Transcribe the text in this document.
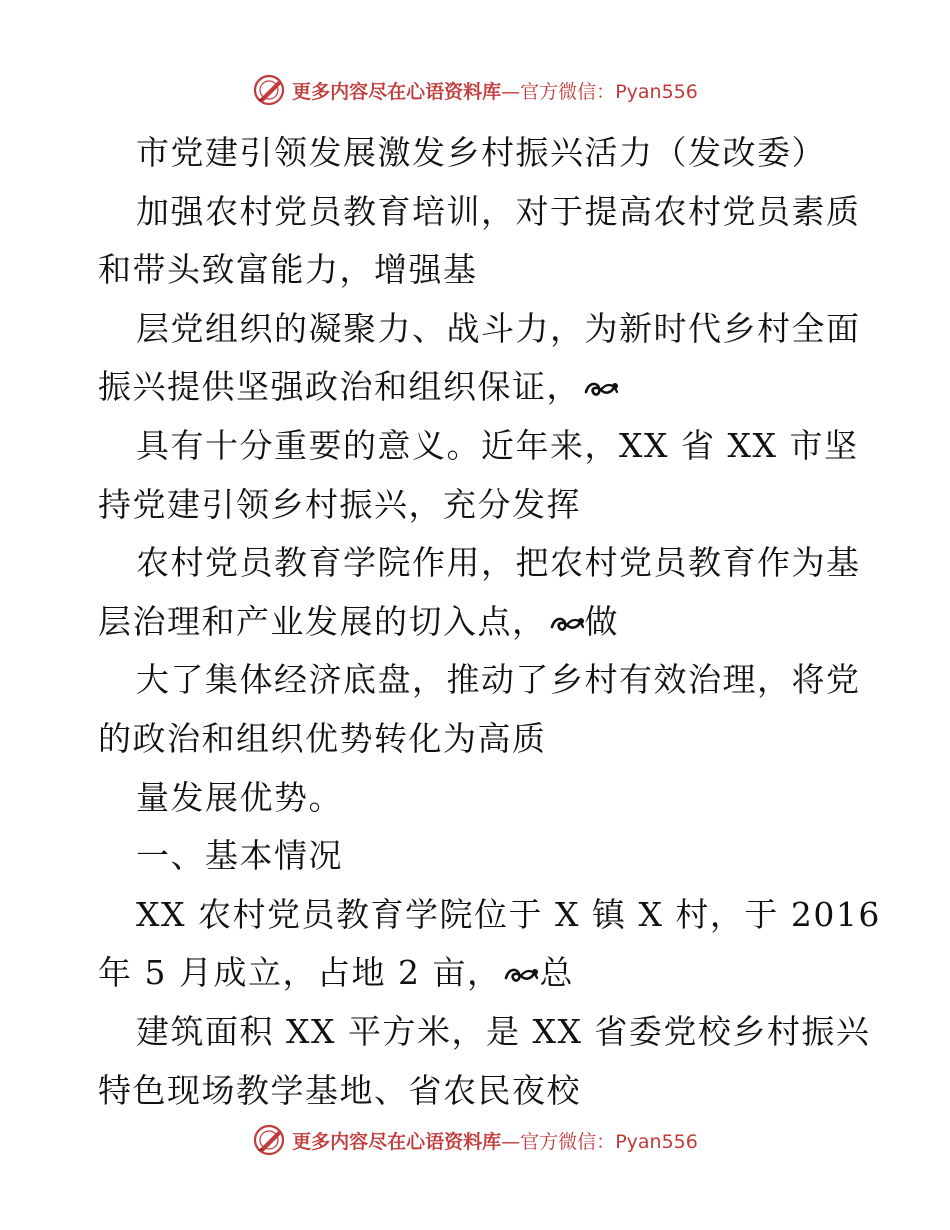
更多内容尽在心语资料库—官方微信：Pyan556
市党建引领发展激发乡村振兴活力（发改委）
加强农村党员教育培训，对于提高农村党员素质
和带头致富能力，增强基
层党组织的凝聚力、战斗力，为新时代乡村全面
振兴提供坚强政治和组织保证，
具有十分重要的意义。近年来，XX 省 XX 市坚
持党建引领乡村振兴，充分发挥
农村党员教育学院作用，把农村党员教育作为基
层治理和产业发展的切入点， 做
大了集体经济底盘，推动了乡村有效治理，将党
的政治和组织优势转化为高质
量发展优势。
一、基本情况
XX 农村党员教育学院位于 X 镇 X 村，于 2016
年 5 月成立，占地 2 亩， 总
建筑面积 XX 平方米，是 XX 省委党校乡村振兴
特色现场教学基地、省农民夜校
更多内容尽在心语资料库—官方微信：Pyan556
